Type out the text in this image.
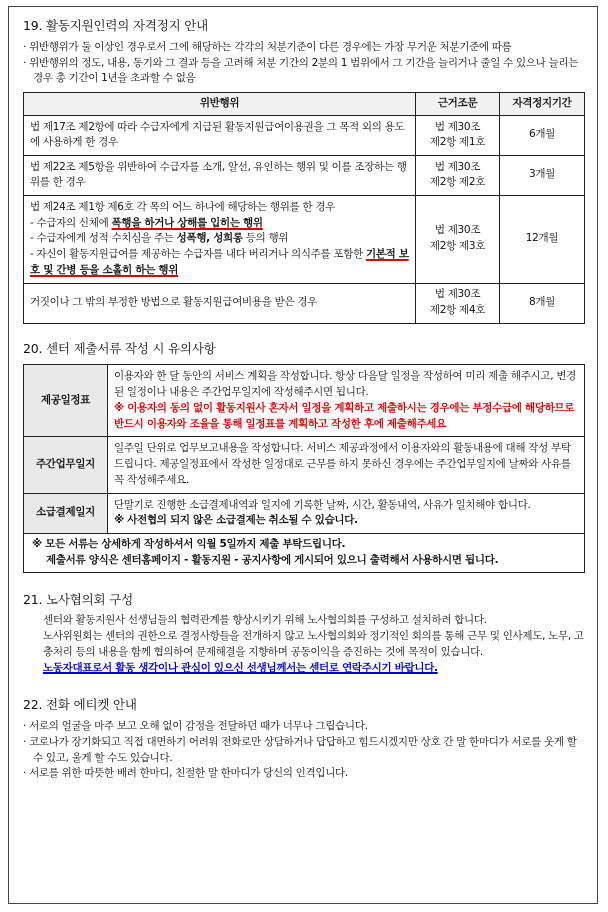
19. 활동지원인력의 자격정지 안내

· 위반행위가 둘 이상인 경우로서 그에 해당하는 각각의 처분기준이 다른 경우에는 가장 무거운 처분기준에 따름

· 위반행위의 정도, 내용, 동기와 그 결과 등을 고려해 처분 기간의 2분의 1 범위에서 그 기간을 늘리거나 줄일 수 있으나 늘리는 경우 총 기간이 1년을 초과할 수 없음

위반행위	근거조문	자격정지기간
법 제17조 제2항에 따라 수급자에게 지급된 활동지원급여이용권을 그 목적 외의 용도에 사용하게 한 경우	법 제30조
제2항 제1호	6개월
법 제22조 제5항을 위반하여 수급자를 소개, 알선, 유인하는 행위 및 이를 조장하는 행위를 한 경우	법 제30조
제2항 제2호	3개월

법 제24조 제1항 제6호 각 목의 어느 하나에 해당하는 행위를 한 경우
- 수급자의 신체에 폭행을 하거나 상해를 입히는 행위
- 수급자에게 성적 수치심을 주는 성폭행, 성희롱 등의 행위
- 자신이 활동지원급여를 제공하는 수급자를 내다 버리거나 의식주를 포함한 기본적 보호 및 간병 등을 소홀히 하는 행위	법 제30조
제2항 제3호	12개월
거짓이나 그 밖의 부정한 방법으로 활동지원급여비용을 받은 경우	법 제30조
제2항 제4호	8개월
20. 센터 제출서류 작성 시 유의사항
제공일정표	이용자와 한 달 동안의 서비스 계획을 작성합니다. 항상 다음달 일정을 작성하여 미리 제출 해주시고, 변경된 일정이나 내용은 주간업무일지에 작성해주시면 됩니다.
※ 이용자의 동의 없이 활동지원사 혼자서 일정을 계획하고 제출하시는 경우에는 부정수급에 해당하므로 반드시 이용자와 조율을 통해 일정표를 계획하고 작성한 후에 제출해주세요

주간업무일지	일주일 단위로 업무보고내용을 작성합니다. 서비스 제공과정에서 이용자와의 활동내용에 대해 작성 부탁드립니다. 제공일정표에서 작성한 일정대로 근무를 하지 못하신 경우에는 주간업무일지에 날짜와 사유를 꼭 작성해주세요.
소급결제일지	단말기로 진행한 소급결제내역과 일지에 기록한 날짜, 시간, 활동내역, 사유가 일치해야 합니다.
※ 사전협의 되지 않은 소급결제는 취소될 수 있습니다.

※ 모든 서류는 상세하게 작성하셔서 익월 5일까지 제출 부탁드립니다.
제출서류 양식은 센터홈페이지 - 활동지원 - 공지사항에 게시되어 있으니 출력해서 사용하시면 됩니다.	
21. 노사협의회 구성

센터와 활동지원사 선생님들의 협력관계를 향상시키기 위해 노사협의회를 구성하고 설치하려 합니다.

노사위원회는 센터의 권한으로 결정사항들을 전개하지 않고 노사협의회와 정기적인 회의를 통해 근무 및 인사제도, 노무, 고충처리 등의 내용을 함께 협의하여 문제해결을 지향하며 공동이익을 증진하는 것에 목적이 있습니다.

노동자대표로서 활동 생각이나 관심이 있으신 선생님께서는 센터로 연락주시기 바랍니다.

22. 전화 에티켓 안내

· 서로의 얼굴을 마주 보고 오해 없이 감정을 전달하던 때가 너무나 그립습니다.

· 코로나가 장기화되고 직접 대면하기 어려워 전화로만 상담하거나 답답하고 힘드시겠지만 상호 간 말 한마디가 서로를 웃게 할 수 있고, 울게 할 수도 있습니다.

· 서로를 위한 따뜻한 배려 한마디, 친절한 말 한마디가 당신의 인격입니다.
